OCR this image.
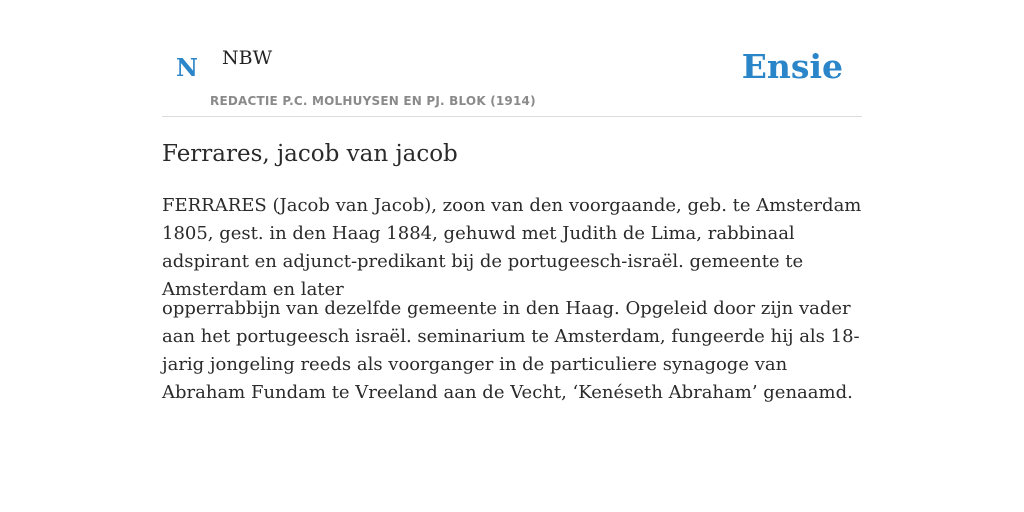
N NBW
REDACTIE P.C. MOLHUYSEN EN PJ. BLOK (1914)
Ensie
Ferrares, jacob van jacob

FERRARES (Jacob van Jacob), zoon van den voorgaande, geb. te Amsterdam 1805, gest. in den Haag 1884, gehuwd met Judith de Lima, rabbinaal adspirant en adjunct-predikant bij de portugeesch-israël. gemeente te Amsterdam en later

opperrabbijn van dezelfde gemeente in den Haag. Opgeleid door zijn vader aan het portugeesch israël. seminarium te Amsterdam, fungeerde hij als 18-jarig jongeling reeds als voorganger in de particuliere synagoge van Abraham Fundam te Vreeland aan de Vecht, ‘Kenéseth Abraham’ genaamd.
